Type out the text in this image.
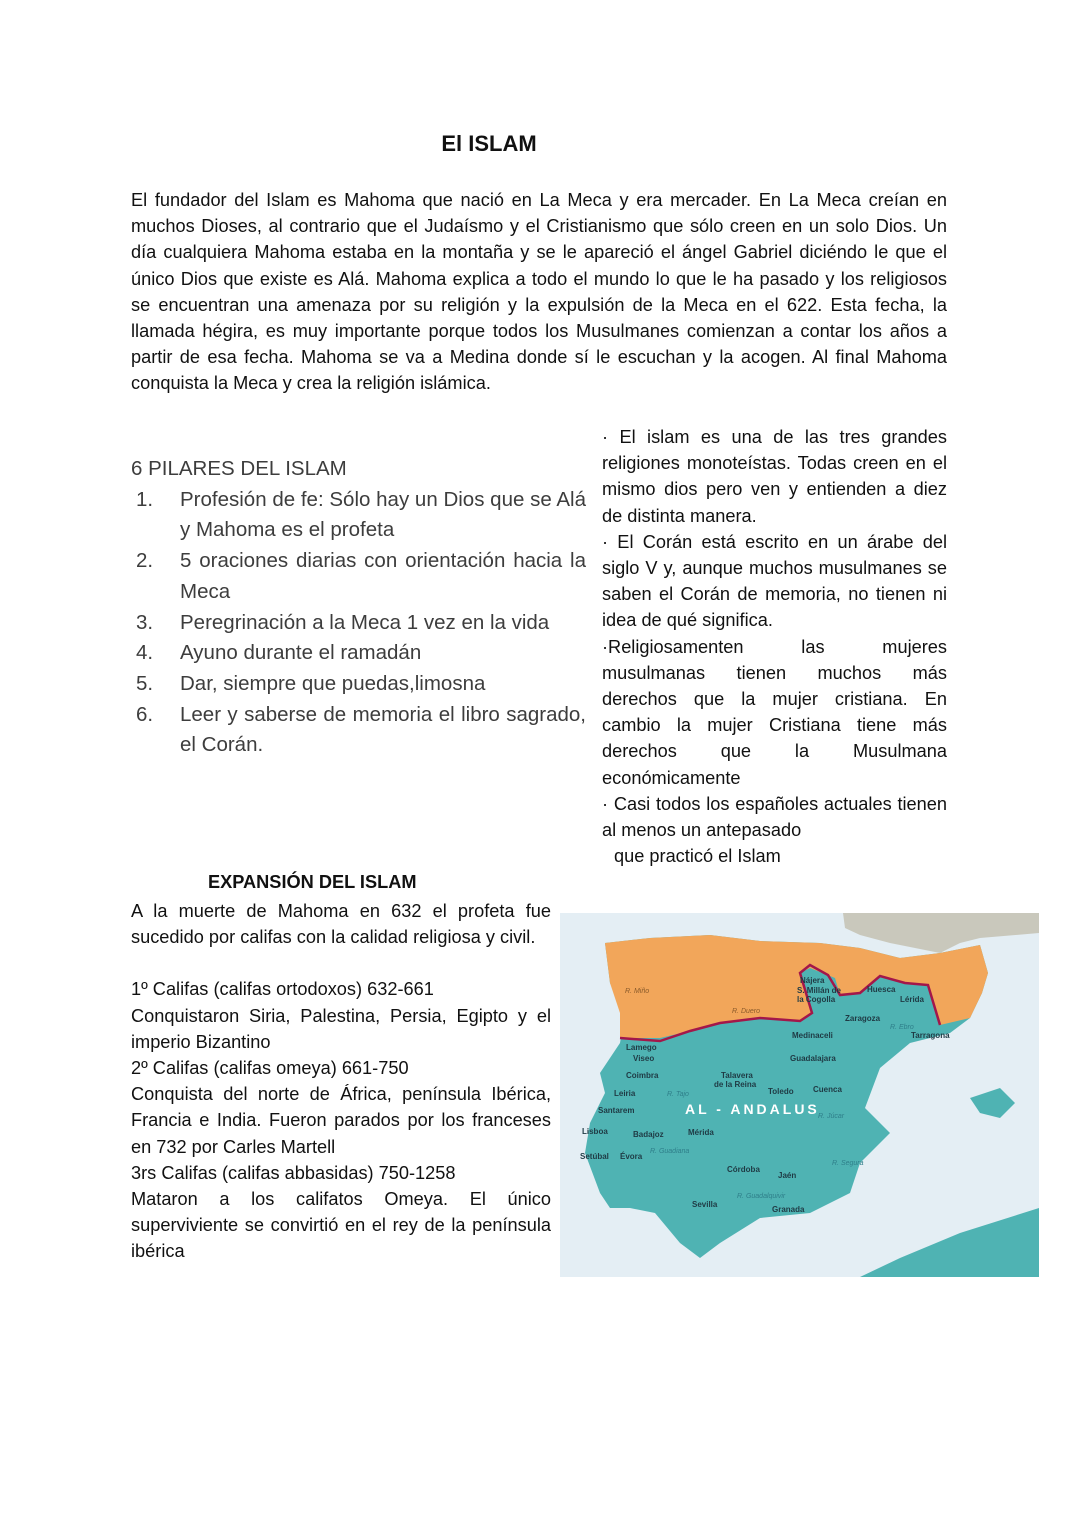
El ISLAM

El fundador del Islam es Mahoma que nació en La Meca y era mercader. En La Meca creían en muchos Dioses, al contrario que el Judaísmo y el Cristianismo que sólo creen en un solo Dios. Un día cualquiera Mahoma estaba en la montaña y se le apareció el ángel Gabriel diciéndo le que el único Dios que existe es Alá. Mahoma explica a todo el mundo lo que le ha pasado y los religiosos se encuentran una amenaza por su religión y la expulsión de la Meca en el 622. Esta fecha, la llamada hégira, es muy importante porque todos los Musulmanes comienzan a contar los años a partir de esa fecha. Mahoma se va a Medina donde sí le escuchan y la acogen. Al final Mahoma conquista la Meca y crea la religión islámica.

6 PILARES DEL ISLAM
1.	Profesión de fe: Sólo hay un Dios que se Alá y Mahoma es el profeta
2.	5 oraciones diarias con orientación hacia la Meca
3.	Peregrinación a la Meca 1 vez en la vida
4.	Ayuno durante el ramadán
5.	Dar, siempre que puedas,limosna
6.	Leer y saberse de memoria el libro sagrado, el Corán.

· El islam es una de las tres grandes religiones monoteístas. Todas creen en el mismo dios pero ven y entienden a diez de distinta manera.

· El Corán está escrito en un árabe del siglo V y, aunque muchos musulmanes se saben el Corán de memoria, no tienen ni idea de qué significa.

·Religiosamenten las mujeres musulmanas tienen muchos más derechos que la mujer cristiana. En cambio la mujer Cristiana tiene más derechos que la Musulmana económicamente

· Casi todos los españoles actuales tienen al menos un antepasado

que practicó el Islam

EXPANSIÓN DEL ISLAM

A la muerte de Mahoma en 632 el profeta fue sucedido por califas con la calidad religiosa y civil.

1º Califas (califas ortodoxos) 632-661

Conquistaron Siria, Palestina, Persia, Egipto y el imperio Bizantino

2º Califas (califas omeya) 661-750

Conquista del norte de África, península Ibérica, Francia e India. Fueron parados por los franceses en 732 por Carles Martell

3rs Califas (califas abbasidas) 750-1258

Mataron a los califatos Omeya. El único superviviente se convirtió en el rey de la península ibérica

Nájera
S. Millán de
la Cogolla
Huesca
Lérida
Zaragoza
Tarragona
Medinaceli
Lamego
Viseo	Guadalajara
Coimbra	Talavera
de la Reina
Toledo Cuenca
Leiria
Santarem
Lisboa	Badajoz	Mérida
Setúbal Évora
Córdoba
Jaén
Sevilla
Granada
R. Miño
R. Duero
R. Ebro
R. Tajo
R. Júcar
R. Guadiana
R. Segura
R. Guadalquivir
AL - ANDALUS
